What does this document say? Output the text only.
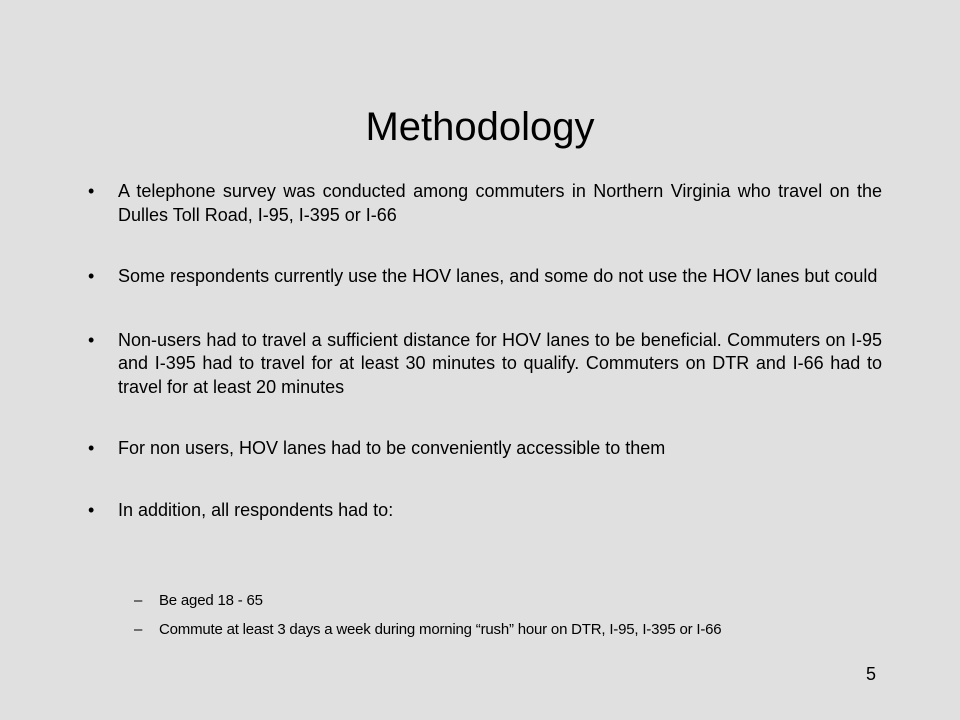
Methodology
• A telephone survey was conducted among commuters in Northern Virginia who travel on the Dulles Toll Road, I-95, I-395 or I-66
• Some respondents currently use the HOV lanes, and some do not use the HOV lanes but could
• Non-users had to travel a sufficient distance for HOV lanes to be beneficial. Commuters on I-95 and I-395 had to travel for at least 30 minutes to qualify. Commuters on DTR and I-66 had to travel for at least 20 minutes
• For non users, HOV lanes had to be conveniently accessible to them
• In addition, all respondents had to:
– Be aged 18 - 65
– Commute at least 3 days a week during morning “rush” hour on DTR, I-95, I-395 or I-66
5
